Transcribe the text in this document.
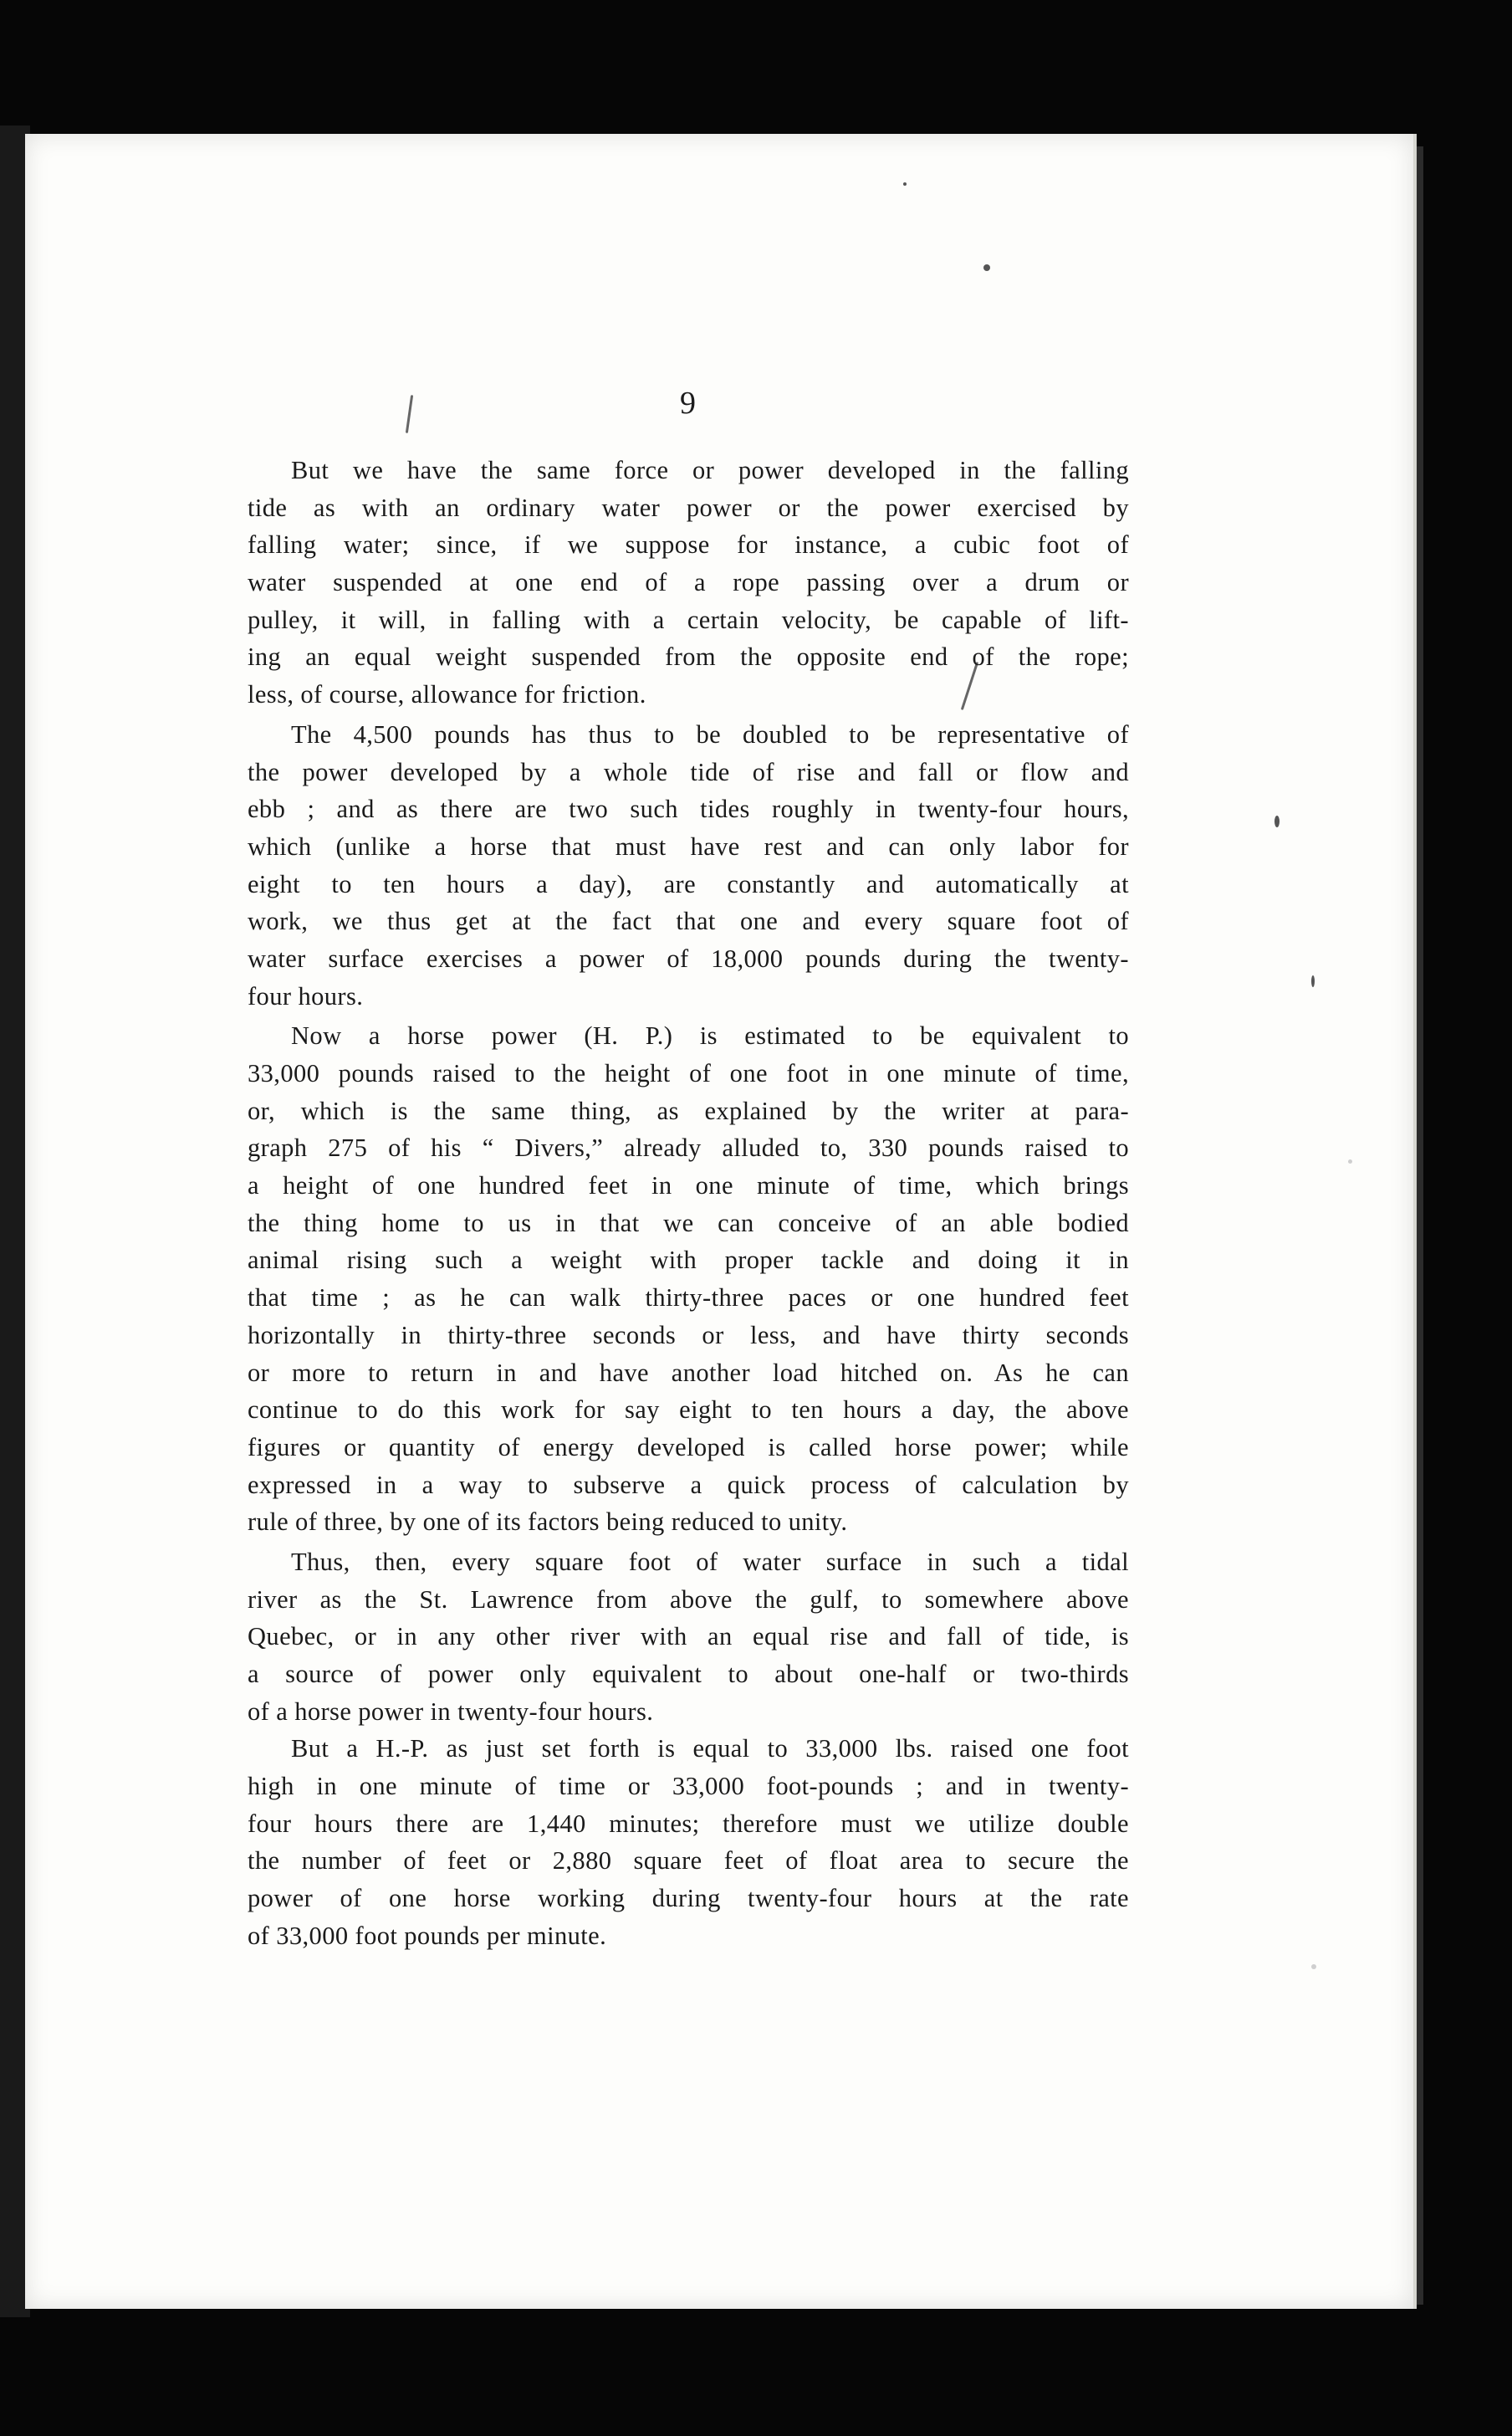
9
But we have the same force or power developed in the falling
tide as with an ordinary water power or the power exercised by
falling water; since, if we suppose for instance, a cubic foot of
water suspended at one end of a rope passing over a drum or
pulley, it will, in falling with a certain velocity, be capable of lift-
ing an equal weight suspended from the opposite end of the rope;
less, of course, allowance for friction.
The 4,500 pounds has thus to be doubled to be representative of
the power developed by a whole tide of rise and fall or flow and
ebb ; and as there are two such tides roughly in twenty-four hours,
which (unlike a horse that must have rest and can only labor for
eight to ten hours a day), are constantly and automatically at
work, we thus get at the fact that one and every square foot of
water surface exercises a power of 18,000 pounds during the twenty-
four hours.
Now a horse power (H. P.) is estimated to be equivalent to
33,000 pounds raised to the height of one foot in one minute of time,
or, which is the same thing, as explained by the writer at para-
graph 275 of his “ Divers,” already alluded to, 330 pounds raised to
a height of one hundred feet in one minute of time, which brings
the thing home to us in that we can conceive of an able bodied
animal rising such a weight with proper tackle and doing it in
that time ; as he can walk thirty-three paces or one hundred feet
horizontally in thirty-three seconds or less, and have thirty seconds
or more to return in and have another load hitched on. As he can
continue to do this work for say eight to ten hours a day, the above
figures or quantity of energy developed is called horse power; while
expressed in a way to subserve a quick process of calculation by
rule of three, by one of its factors being reduced to unity.
Thus, then, every square foot of water surface in such a tidal
river as the St. Lawrence from above the gulf, to somewhere above
Quebec, or in any other river with an equal rise and fall of tide, is
a source of power only equivalent to about one-half or two-thirds
of a horse power in twenty-four hours.
But a H.-P. as just set forth is equal to 33,000 lbs. raised one foot
high in one minute of time or 33,000 foot-pounds ; and in twenty-
four hours there are 1,440 minutes; therefore must we utilize double
the number of feet or 2,880 square feet of float area to secure the
power of one horse working during twenty-four hours at the rate
of 33,000 foot pounds per minute.
